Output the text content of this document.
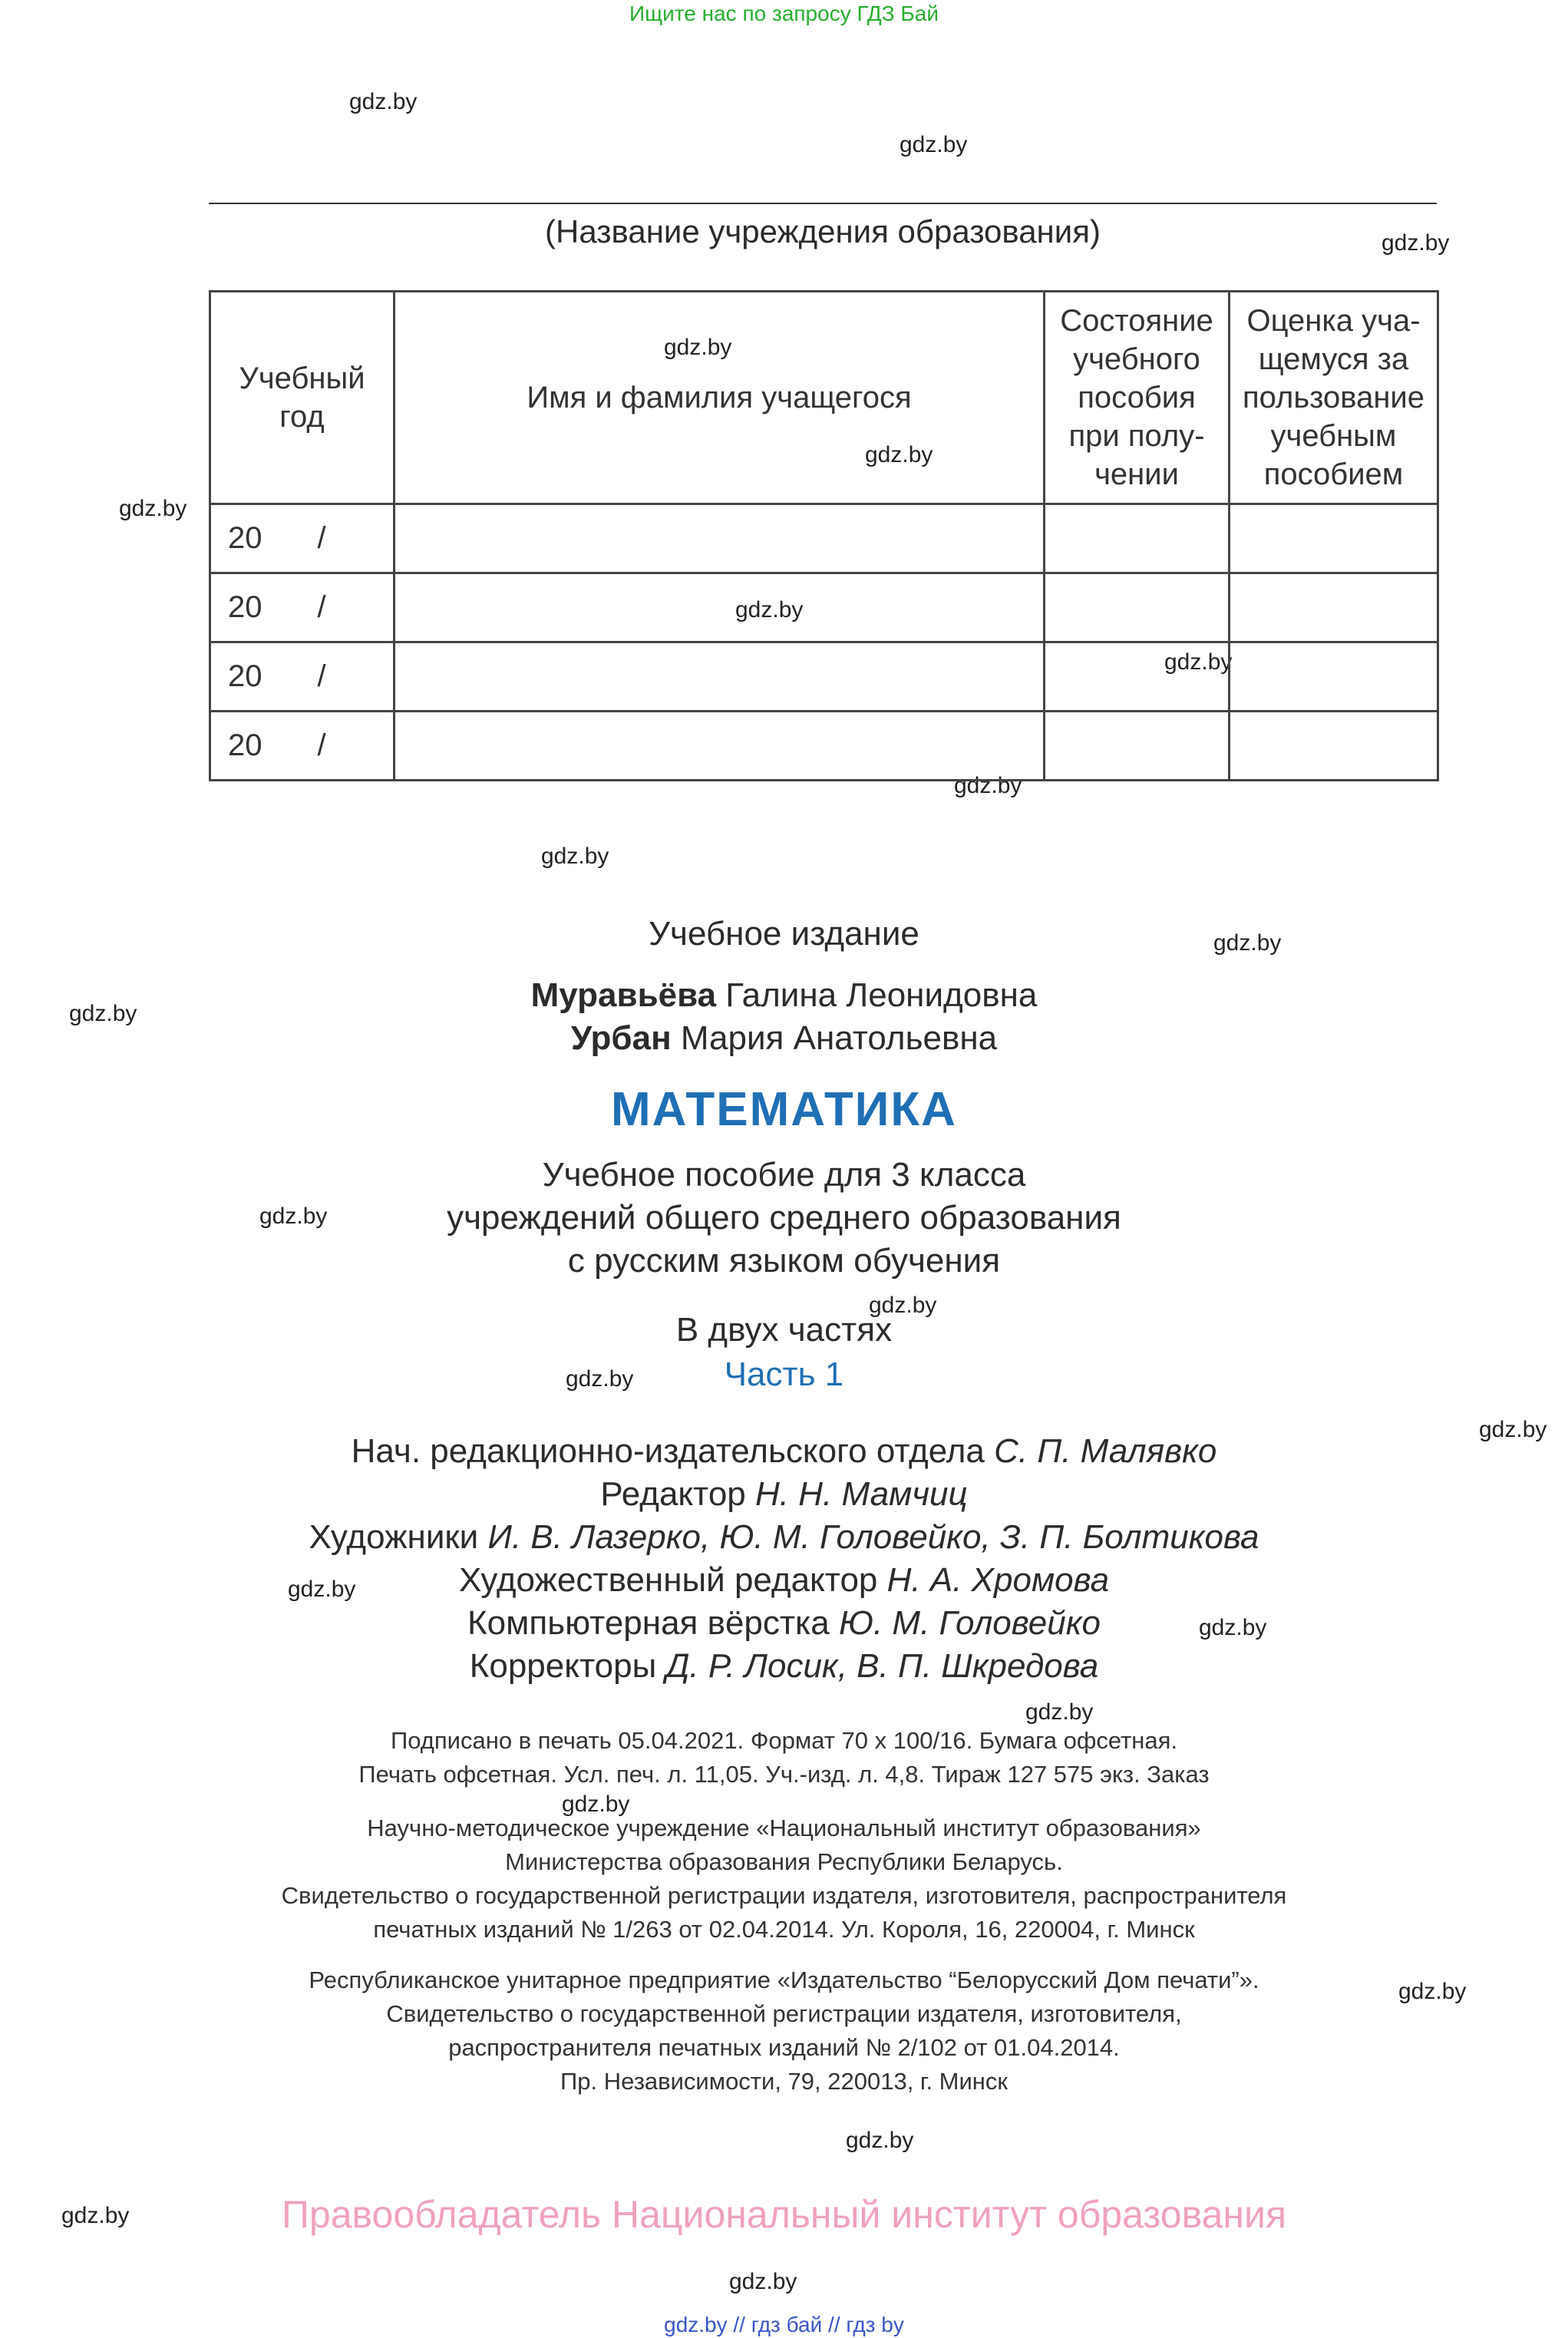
Ищите нас по запросу ГДЗ Бай
gdz.by
gdz.by
gdz.by
gdz.by
gdz.by
gdz.by
gdz.by
gdz.by
gdz.by
gdz.by
gdz.by
gdz.by
gdz.by
gdz.by
gdz.by
gdz.by
gdz.by
gdz.by
gdz.by
gdz.by
gdz.by
gdz.by
gdz.by
gdz.by
(Название учреждения образования)
Учебный
год	Имя и фамилия учащегося	Состояние
учебного
пособия
при полу-
чении	Оценка уча-
щемуся за
пользование
учебным
пособием
20 /			
20 /			
20 /			
20 /			
Учебное издание
Муравьёва Галина Леонидовна
Урбан Мария Анатольевна
МАТЕМАТИКА
Учебное пособие для 3 класса
учреждений общего среднего образования
с русским языком обучения
В двух частях
Часть 1
Нач. редакционно-издательского отдела С. П. Малявко
Редактор Н. Н. Мамчиц
Художники И. В. Лазерко, Ю. М. Головейко, З. П. Болтикова
Художественный редактор Н. А. Хромова
Компьютерная вёрстка Ю. М. Головейко
Корректоры Д. Р. Лосик, В. П. Шкредова
Подписано в печать 05.04.2021. Формат 70 х 100/16. Бумага офсетная.
Печать офсетная. Усл. печ. л. 11,05. Уч.-изд. л. 4,8. Тираж 127 575 экз. Заказ
Научно-методическое учреждение «Национальный институт образования»
Министерства образования Республики Беларусь.
Свидетельство о государственной регистрации издателя, изготовителя, распространителя
печатных изданий № 1/263 от 02.04.2014. Ул. Короля, 16, 220004, г. Минск
Республиканское унитарное предприятие «Издательство “Белорусский Дом печати”».
Свидетельство о государственной регистрации издателя, изготовителя,
распространителя печатных изданий № 2/102 от 01.04.2014.
Пр. Независимости, 79, 220013, г. Минск
Правообладатель Национальный институт образования
gdz.by // гдз бай // гдз by
